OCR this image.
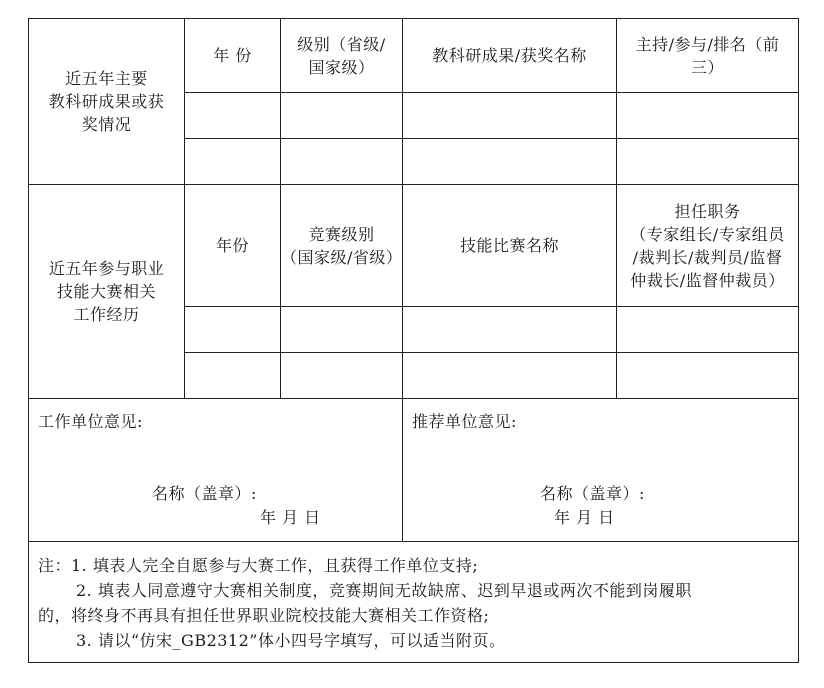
近五年主要
教科研成果或获
奖情况
年 份
级别（省级/
国家级）
教科研成果/获奖名称
主持/参与/排名（前
三）
近五年参与职业
技能大赛相关
工作经历
年份
竞赛级别
（国家级/省级）
技能比赛名称
担任职务
（专家组长/专家组员
/裁判长/裁判员/监督
仲裁长/监督仲裁员）
工作单位意见:
名称（盖章）:
年 月 日
推荐单位意见:
名称（盖章）:
年 月 日
注：1. 填表人完全自愿参与大赛工作，且获得工作单位支持;
2. 填表人同意遵守大赛相关制度，竞赛期间无故缺席、迟到早退或两次不能到岗履职
的，将终身不再具有担任世界职业院校技能大赛相关工作资格;
3. 请以“仿宋_GB2312”体小四号字填写，可以适当附页。
